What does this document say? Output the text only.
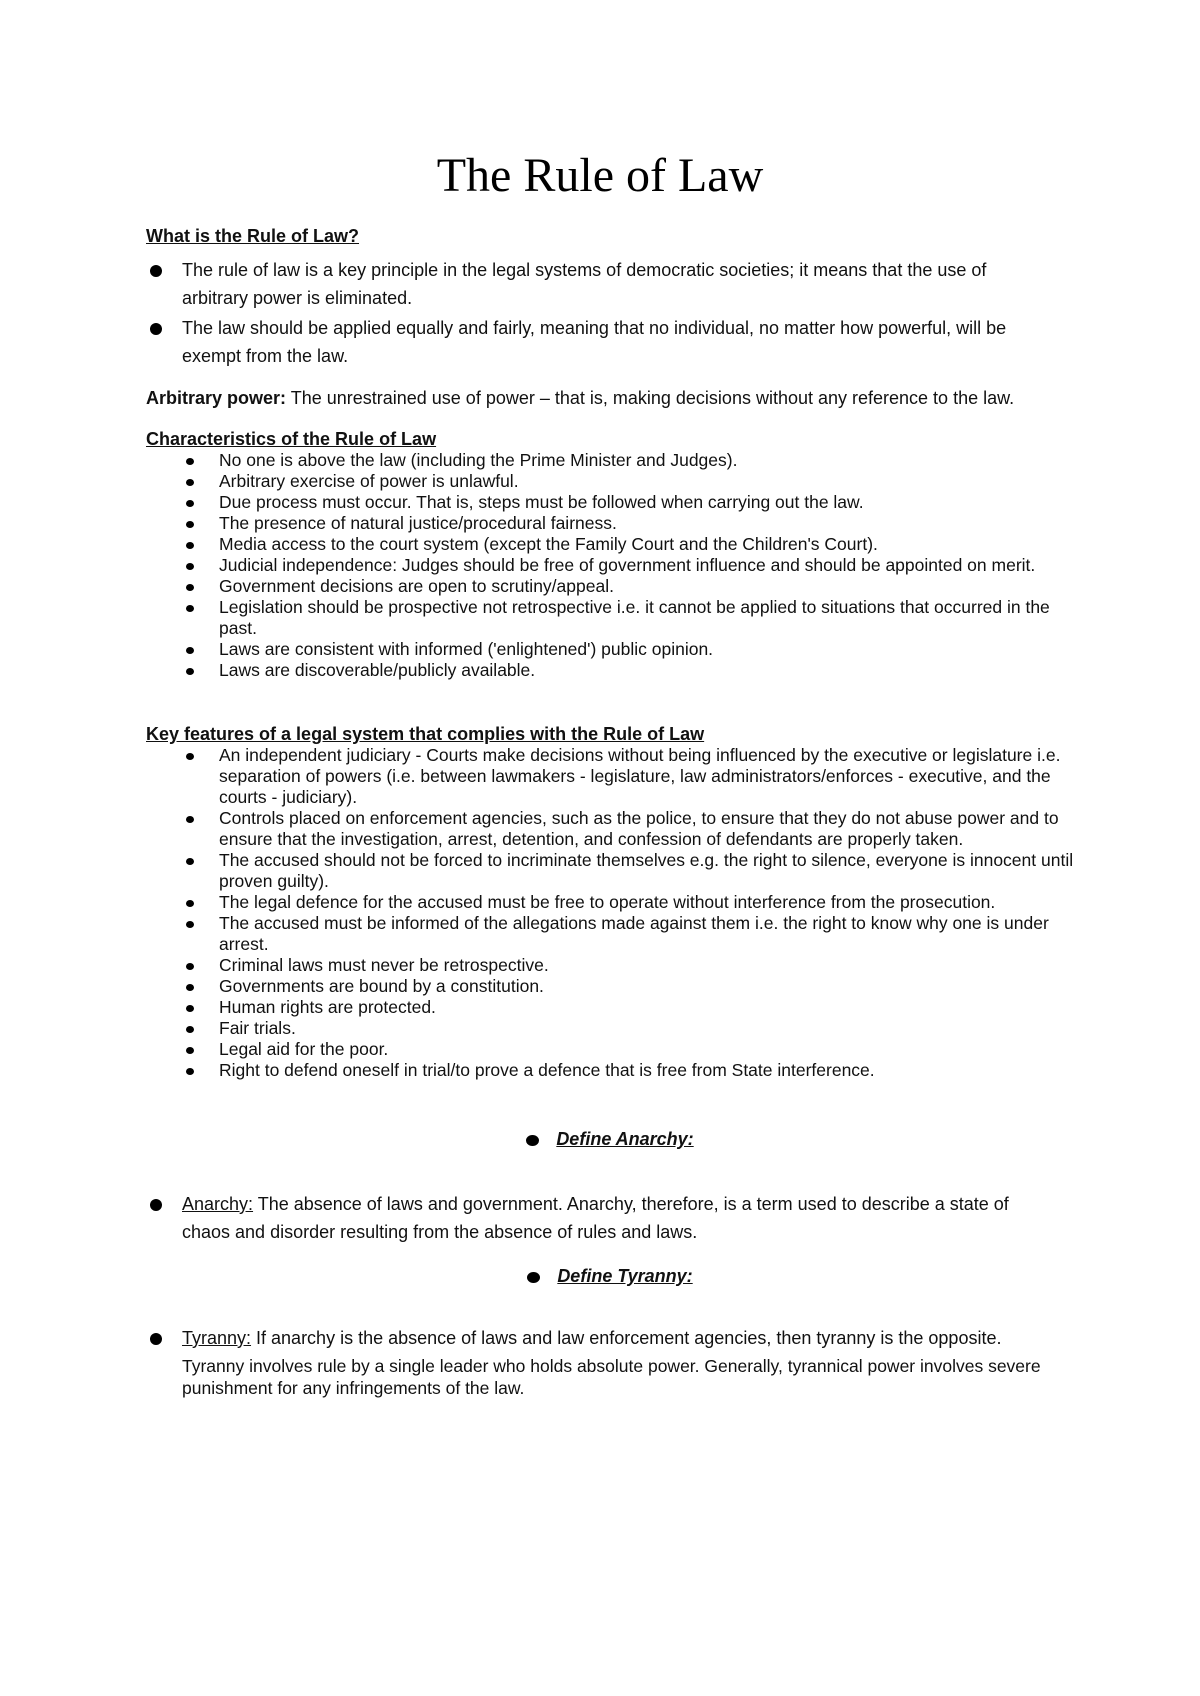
The Rule of Law
What is the Rule of Law?
The rule of law is a key principle in the legal systems of democratic societies; it means that the use of arbitrary power is eliminated.
The law should be applied equally and fairly, meaning that no individual, no matter how powerful, will be exempt from the law.

Arbitrary power: The unrestrained use of power – that is, making decisions without any reference to the law.

Characteristics of the Rule of Law
No one is above the law (including the Prime Minister and Judges).
Arbitrary exercise of power is unlawful.
Due process must occur. That is, steps must be followed when carrying out the law.
The presence of natural justice/procedural fairness.
Media access to the court system (except the Family Court and the Children's Court).
Judicial independence: Judges should be free of government influence and should be appointed on merit.
Government decisions are open to scrutiny/appeal.
Legislation should be prospective not retrospective i.e. it cannot be applied to situations that occurred in the past.
Laws are consistent with informed ('enlightened') public opinion.
Laws are discoverable/publicly available.
Key features of a legal system that complies with the Rule of Law
An independent judiciary - Courts make decisions without being influenced by the executive or legislature i.e. separation of powers (i.e. between lawmakers - legislature, law administrators/enforces - executive, and the courts - judiciary).
Controls placed on enforcement agencies, such as the police, to ensure that they do not abuse power and to ensure that the investigation, arrest, detention, and confession of defendants are properly taken.
The accused should not be forced to incriminate themselves e.g. the right to silence, everyone is innocent until proven guilty).
The legal defence for the accused must be free to operate without interference from the prosecution.
The accused must be informed of the allegations made against them i.e. the right to know why one is under arrest.
Criminal laws must never be retrospective.
Governments are bound by a constitution.
Human rights are protected.
Fair trials.
Legal aid for the poor.
Right to defend oneself in trial/to prove a defence that is free from State interference.
Define Anarchy:
Anarchy: The absence of laws and government. Anarchy, therefore, is a term used to describe a state of chaos and disorder resulting from the absence of rules and laws.
Define Tyranny:
Tyranny: If anarchy is the absence of laws and law enforcement agencies, then tyranny is the opposite.
Tyranny involves rule by a single leader who holds absolute power. Generally, tyrannical power involves severe punishment for any infringements of the law.
